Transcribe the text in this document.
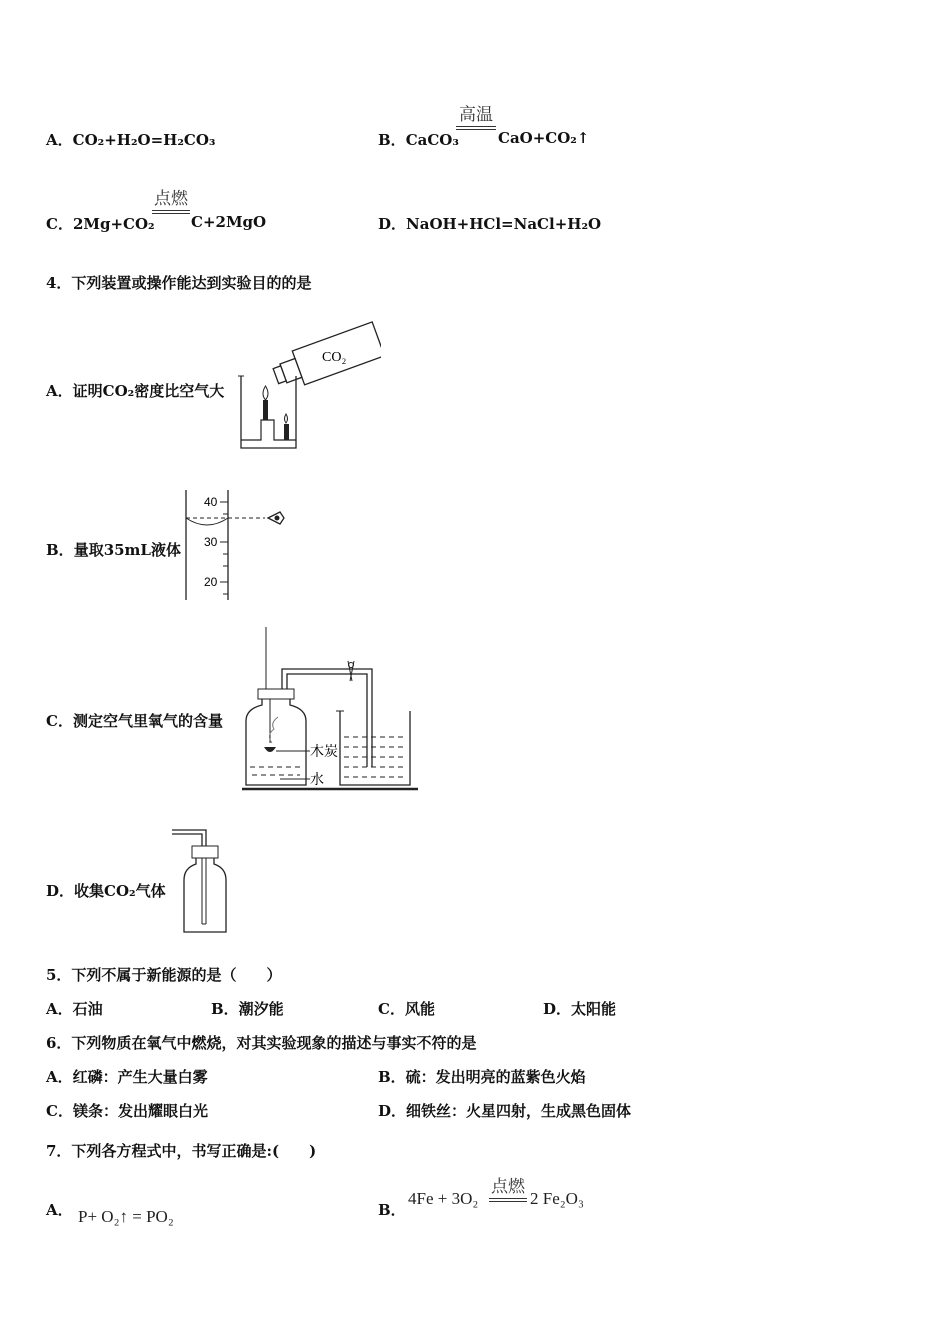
A．CO₂+H₂O=H₂CO₃	B．CaCO₃
高温
CaO+CO₂↑
C．2Mg+CO₂
点燃
C+2MgO	D．NaOH+HCl=NaCl+H₂O
4．下列装置或操作能达到实验目的的是
A．证明CO₂密度比空气大
CO₂
B．量取35mL液体
40
30
20
C．测定空气里氧气的含量
木炭
水
D．收集CO₂气体
5．下列不属于新能源的是（　　）
A．石油	B．潮汐能	C．风能	D．太阳能
6．下列物质在氧气中燃烧，对其实验现象的描述与事实不符的是
A．红磷：产生大量白雾	B．硫：发出明亮的蓝紫色火焰
C．镁条：发出耀眼白光	D．细铁丝：火星四射，生成黑色固体
7．下列各方程式中，书写正确是:(　　)
A． P+ O₂↑ = PO₂	B．
4Fe + 3O₂
点燃
2 Fe₂O₃
